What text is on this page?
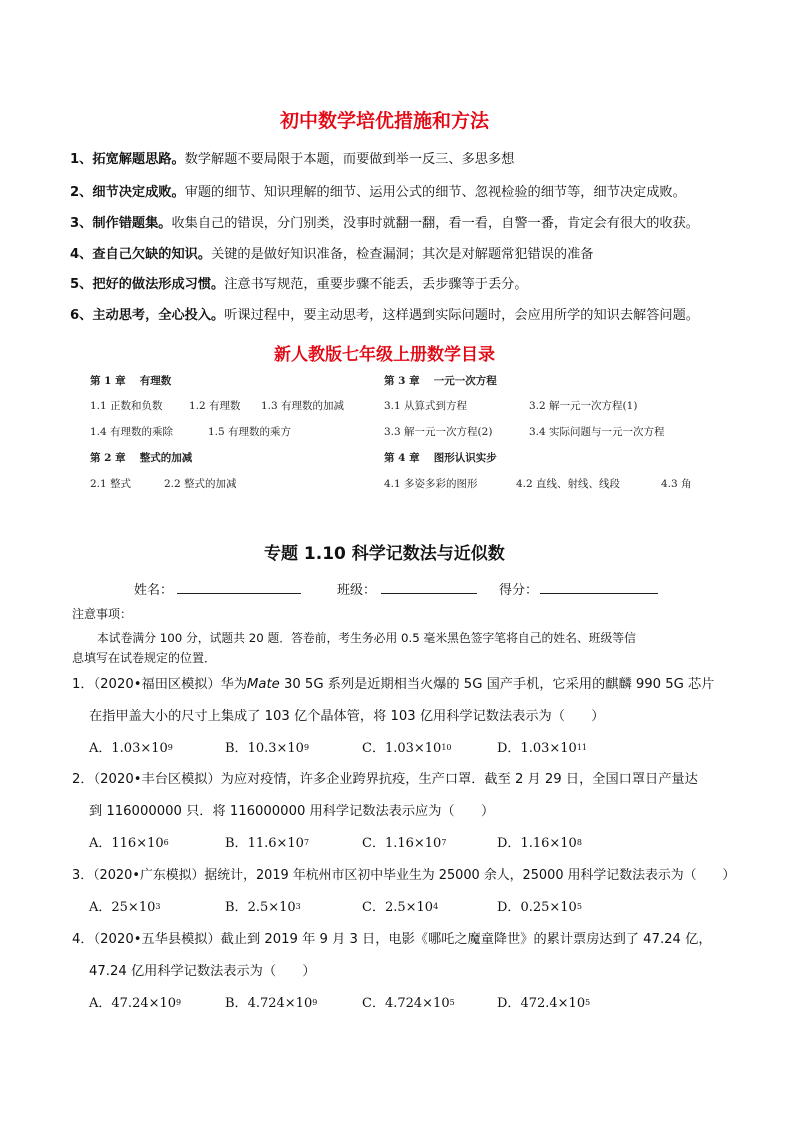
初中数学培优措施和方法
1、拓宽解题思路。数学解题不要局限于本题，而要做到举一反三、多思多想
2、细节决定成败。审题的细节、知识理解的细节、运用公式的细节、忽视检验的细节等，细节决定成败。
3、制作错题集。收集自己的错误，分门别类，没事时就翻一翻，看一看，自警一番，肯定会有很大的收获。
4、查自己欠缺的知识。关键的是做好知识准备，检查漏洞；其次是对解题常犯错误的准备
5、把好的做法形成习惯。注意书写规范，重要步骤不能丢，丢步骤等于丢分。
6、主动思考，全心投入。听课过程中，要主动思考，这样遇到实际问题时，会应用所学的知识去解答问题。
新人教版七年级上册数学目录
第 1 章　 有理数
1.1 正数和负数	1.2 有理数 1.3 有理数的加减
1.4 有理数的乘除	1.5 有理数的乘方
第 2 章　 整式的加减
2.1 整式	2.2 整式的加减
第 3 章　 一元一次方程
3.1 从算式到方程	3.2 解一元一次方程(1)
3.3 解一元一次方程(2)	3.4 实际问题与一元一次方程
第 4 章　 图形认识实步
4.1 多姿多彩的图形	4.2 直线、射线、线段	4.3 角
专题 1.10 科学记数法与近似数
姓名：	班级：	得分：
注意事项：
本试卷满分 100 分，试题共 20 题．答卷前，考生务必用 0.5 毫米黑色签字笔将自己的姓名、班级等信
息填写在试卷规定的位置．
1．（2020•福田区模拟）华为Mate 30 5G 系列是近期相当火爆的 5G 国产手机，它采用的麒麟 990 5G 芯片
在指甲盖大小的尺寸上集成了 103 亿个晶体管，将 103 亿用科学记数法表示为（　　）
A．$1.03\times 10^9$	B．$10.3\times 10^9$	C．$1.03\times 10^{10}$	D．$1.03\times 10^{11}$
2．（2020•丰台区模拟）为应对疫情，许多企业跨界抗疫，生产口罩．截至 2 月 29 日，全国口罩日产量达
到 116000000 只．将 116000000 用科学记数法表示应为（　　）
A．$116\times 10^6$	B．$11.6\times 10^7$	C．$1.16\times 10^7$	D．$1.16\times 10^8$
3．（2020•广东模拟）据统计，2019 年杭州市区初中毕业生为 25000 余人，25000 用科学记数法表示为（　　）
A．$25\times 10^3$	B．$2.5\times 10^3$	C．$2.5\times 10^4$	D．$0.25\times 10^5$
4．（2020•五华县模拟）截止到 2019 年 9 月 3 日，电影《哪吒之魔童降世》的累计票房达到了 47.24 亿，
47.24 亿用科学记数法表示为（　　）
A．$47.24\times 10^9$	B．$4.724\times 10^9$	C．$4.724\times 10^5$	D．$472.4\times 10^5$
